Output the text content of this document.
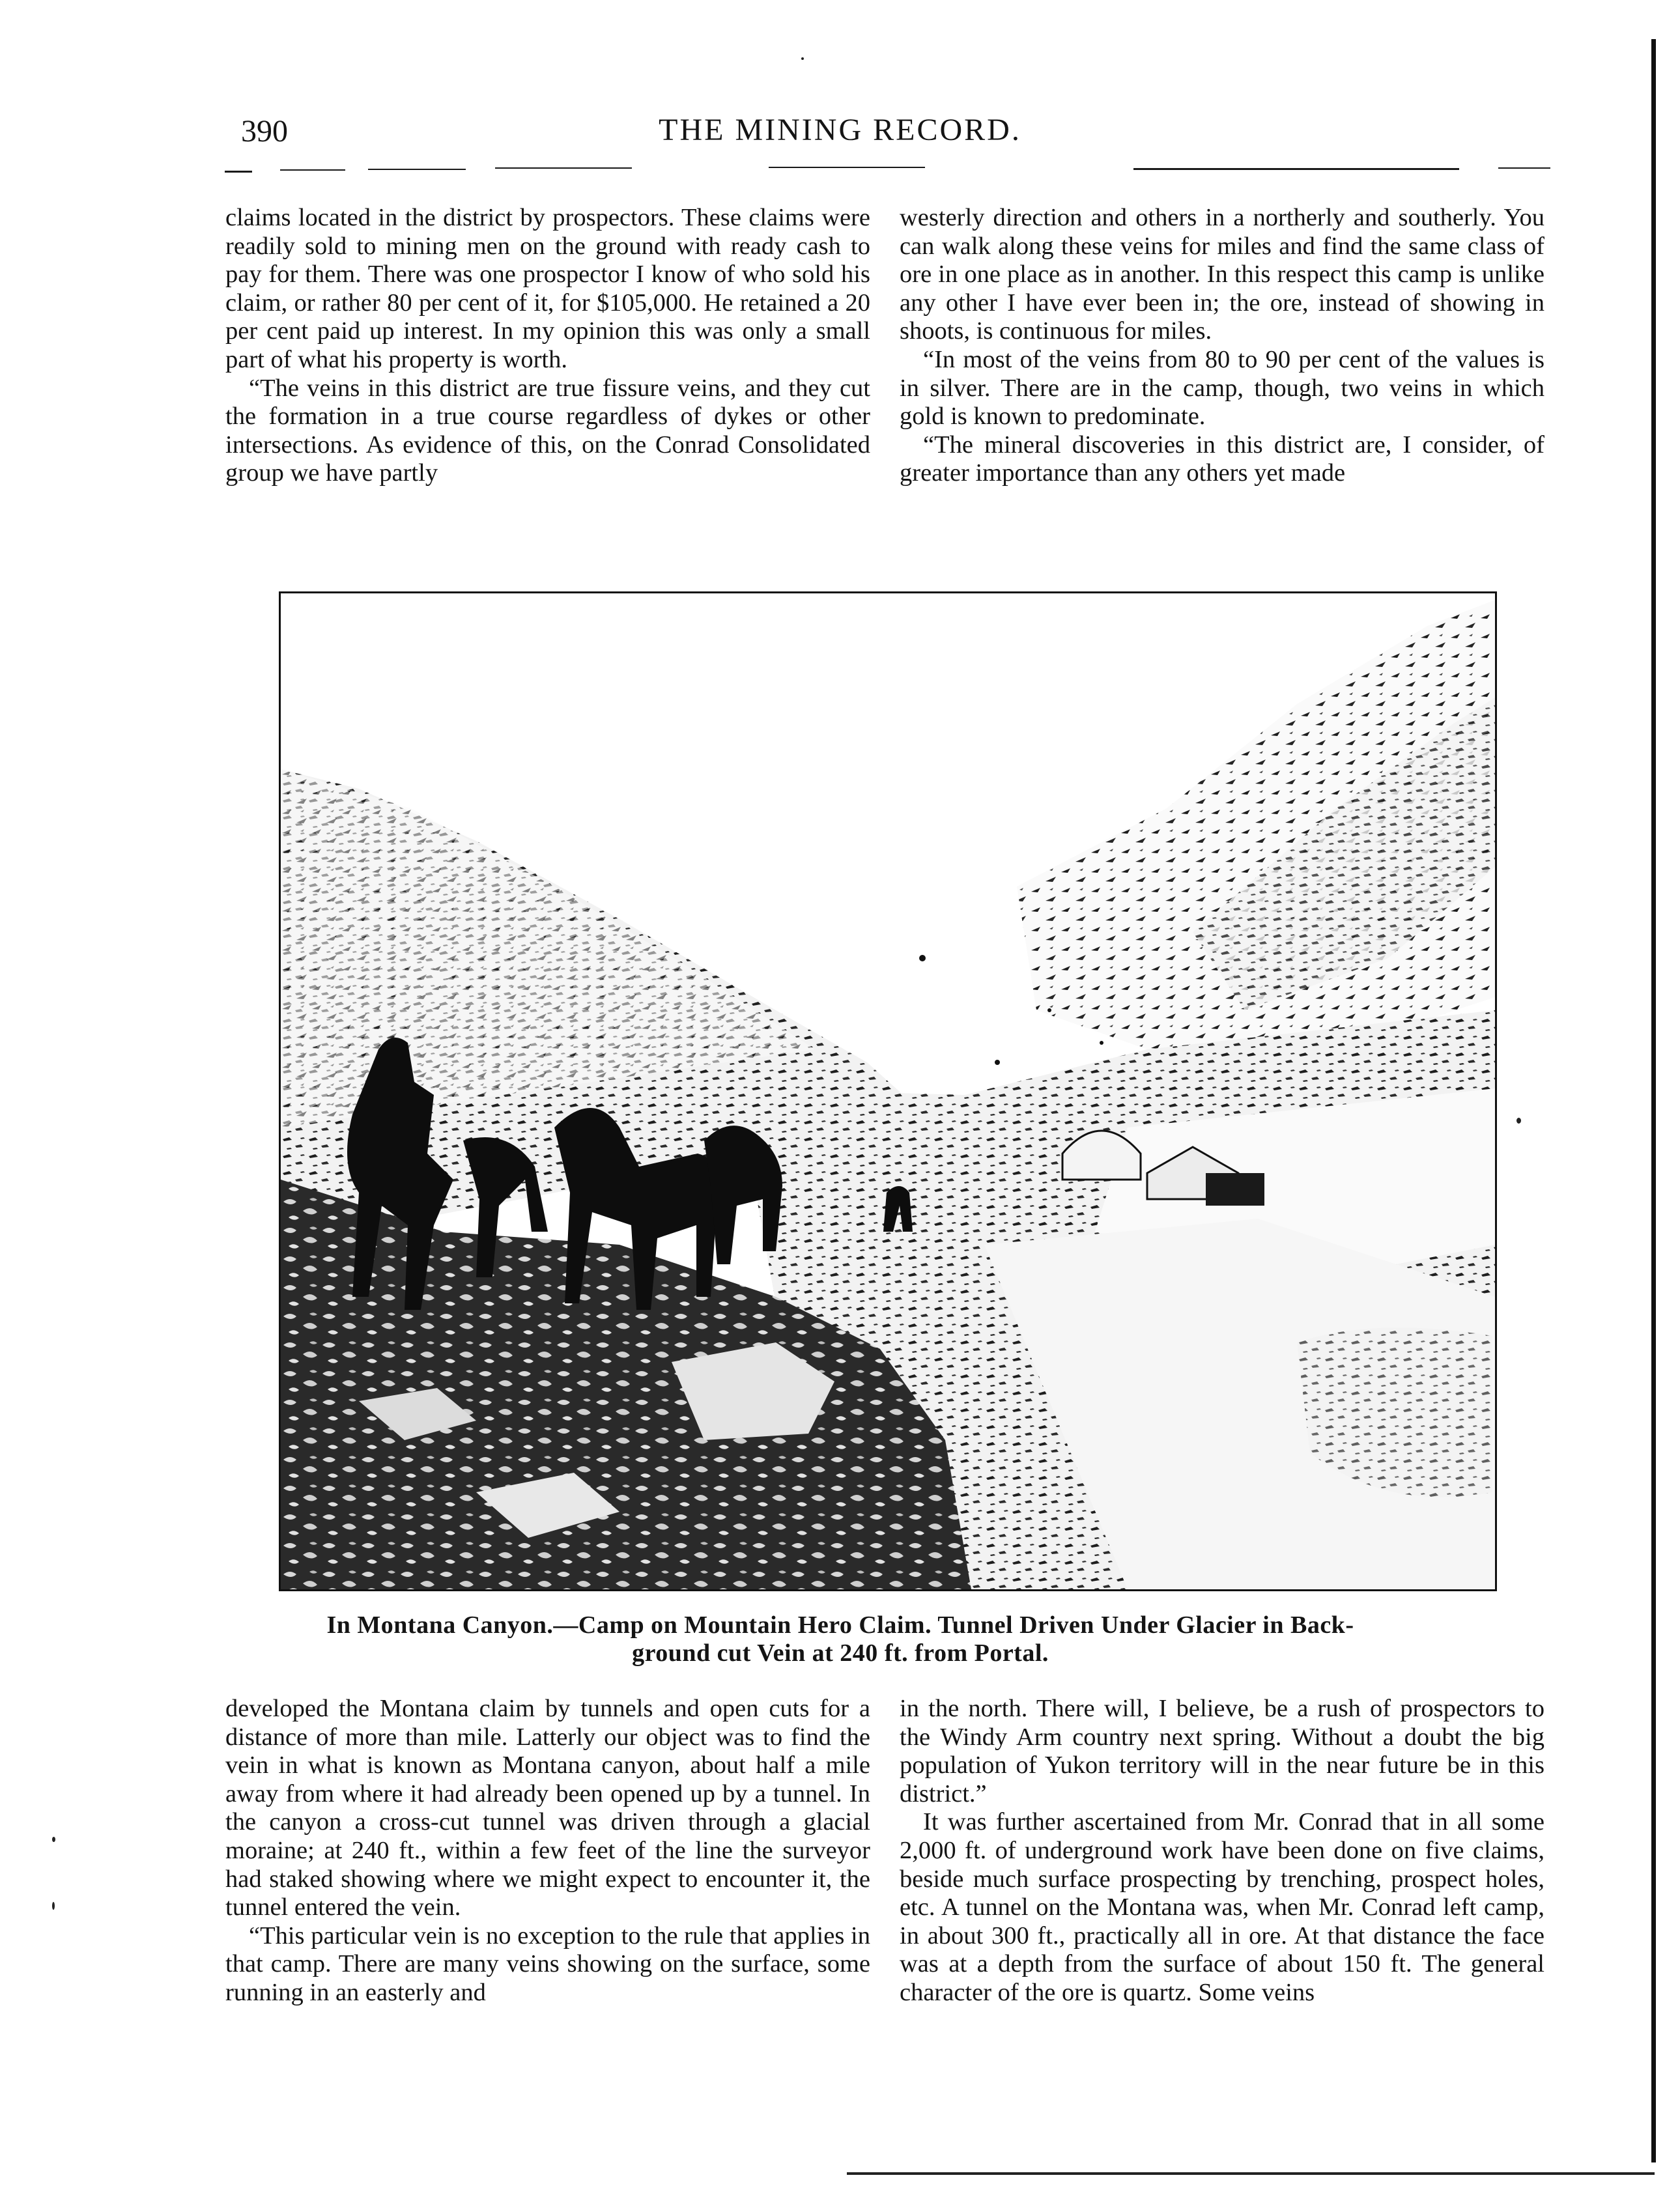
390	THE MINING RECORD.

claims located in the district by prospectors. These claims were readily sold to mining men on the ground with ready cash to pay for them. There was one prospector I know of who sold his claim, or rather 80 per cent of it, for $105,000. He retained a 20 per cent paid up interest. In my opinion this was only a small part of what his property is worth.

“The veins in this district are true fissure veins, and they cut the formation in a true course regardless of dykes or other intersections. As evidence of this, on the Conrad Consolidated group we have partly

westerly direction and others in a northerly and southerly. You can walk along these veins for miles and find the same class of ore in one place as in another. In this respect this camp is unlike any other I have ever been in; the ore, instead of showing in shoots, is continuous for miles.

“In most of the veins from 80 to 90 per cent of the values is in silver. There are in the camp, though, two veins in which gold is known to predominate.

“The mineral discoveries in this district are, I consider, of greater importance than any others yet made

In Montana Canyon.—Camp on Mountain Hero Claim. Tunnel Driven Under Glacier in Back-
ground cut Vein at 240 ft. from Portal.

developed the Montana claim by tunnels and open cuts for a distance of more than mile. Latterly our object was to find the vein in what is known as Montana canyon, about half a mile away from where it had already been opened up by a tunnel. In the canyon a cross-cut tunnel was driven through a glacial moraine; at 240 ft., within a few feet of the line the surveyor had staked showing where we might expect to encounter it, the tunnel entered the vein.

“This particular vein is no exception to the rule that applies in that camp. There are many veins showing on the surface, some running in an easterly and

in the north. There will, I believe, be a rush of prospectors to the Windy Arm country next spring. Without a doubt the big population of Yukon territory will in the near future be in this district.”

It was further ascertained from Mr. Conrad that in all some 2,000 ft. of underground work have been done on five claims, beside much surface prospecting by trenching, prospect holes, etc. A tunnel on the Montana was, when Mr. Conrad left camp, in about 300 ft., practically all in ore. At that distance the face was at a depth from the surface of about 150 ft. The general character of the ore is quartz. Some veins
